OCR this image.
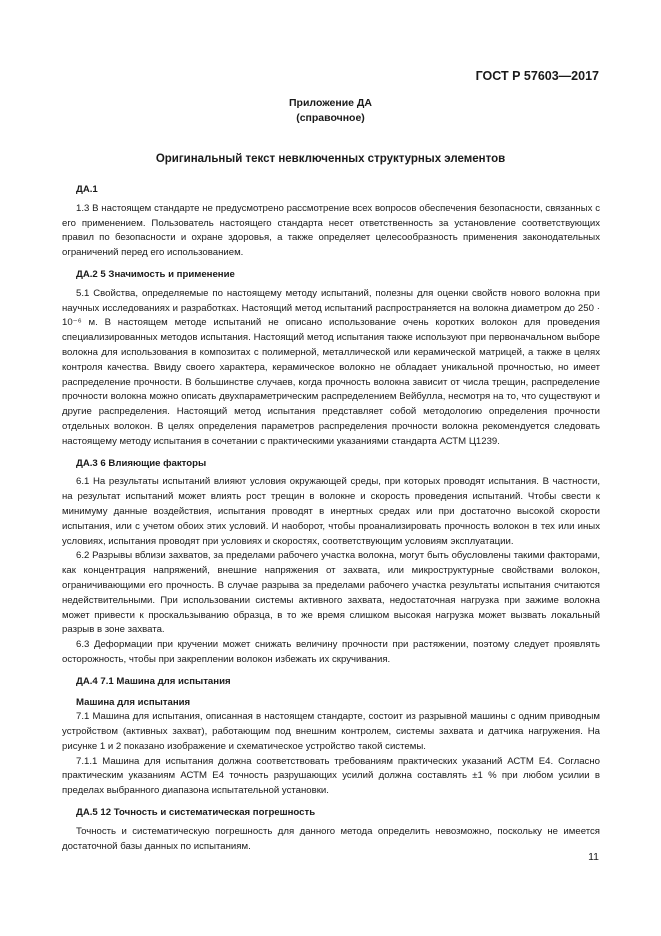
ГОСТ Р 57603—2017
Приложение ДА
(справочное)
Оригинальный текст невключенных структурных элементов
ДА.1

1.3 В настоящем стандарте не предусмотрено рассмотрение всех вопросов обеспечения безопасности, связанных с его применением. Пользователь настоящего стандарта несет ответственность за установление соответствующих правил по безопасности и охране здоровья, а также определяет целесообразность применения законодательных ограничений перед его использованием.

ДА.2 5 Значимость и применение

5.1 Свойства, определяемые по настоящему методу испытаний, полезны для оценки свойств нового волокна при научных исследованиях и разработках. Настоящий метод испытаний распространяется на волокна диаметром до 250 · 10⁻⁶ м. В настоящем методе испытаний не описано использование очень коротких волокон для проведения специализированных методов испытания. Настоящий метод испытания также используют при первоначальном выборе волокна для использования в композитах с полимерной, металлической или керамической матрицей, а также в целях контроля качества. Ввиду своего характера, керамическое волокно не обладает уникальной прочностью, но имеет распределение прочности. В большинстве случаев, когда прочность волокна зависит от числа трещин, распределение прочности волокна можно описать двухпараметрическим распределением Вейбулла, несмотря на то, что существуют и другие распределения. Настоящий метод испытания представляет собой методологию определения прочности отдельных волокон. В целях определения параметров распределения прочности волокна рекомендуется следовать настоящему методу испытания в сочетании с практическими указаниями стандарта АСТМ Ц1239.

ДА.3 6 Влияющие факторы

6.1 На результаты испытаний влияют условия окружающей среды, при которых проводят испытания. В частности, на результат испытаний может влиять рост трещин в волокне и скорость проведения испытаний. Чтобы свести к минимуму данные воздействия, испытания проводят в инертных средах или при достаточно высокой скорости испытания, или с учетом обоих этих условий. И наоборот, чтобы проанализировать прочность волокон в тех или иных условиях, испытания проводят при условиях и скоростях, соответствующим условиям эксплуатации.

6.2 Разрывы вблизи захватов, за пределами рабочего участка волокна, могут быть обусловлены такими факторами, как концентрация напряжений, внешние напряжения от захвата, или микроструктурные свойствами волокон, ограничивающими его прочность. В случае разрыва за пределами рабочего участка результаты испытания считаются недействительными. При использовании системы активного захвата, недостаточная нагрузка при зажиме волокна может привести к проскальзыванию образца, в то же время слишком высокая нагрузка может вызвать локальный разрыв в зоне захвата.

6.3 Деформации при кручении может снижать величину прочности при растяжении, поэтому следует проявлять осторожность, чтобы при закреплении волокон избежать их скручивания.

ДА.4 7.1 Машина для испытания
Машина для испытания

7.1 Машина для испытания, описанная в настоящем стандарте, состоит из разрывной машины с одним приводным устройством (активных захват), работающим под внешним контролем, системы захвата и датчика нагружения. На рисунке 1 и 2 показано изображение и схематическое устройство такой системы.

7.1.1 Машина для испытания должна соответствовать требованиям практических указаний АСТМ Е4. Согласно практическим указаниям АСТМ Е4 точность разрушающих усилий должна составлять ±1 % при любом усилии в пределах выбранного диапазона испытательной установки.

ДА.5 12 Точность и систематическая погрешность

Точность и систематическую погрешность для данного метода определить невозможно, поскольку не имеется достаточной базы данных по испытаниям.

11
